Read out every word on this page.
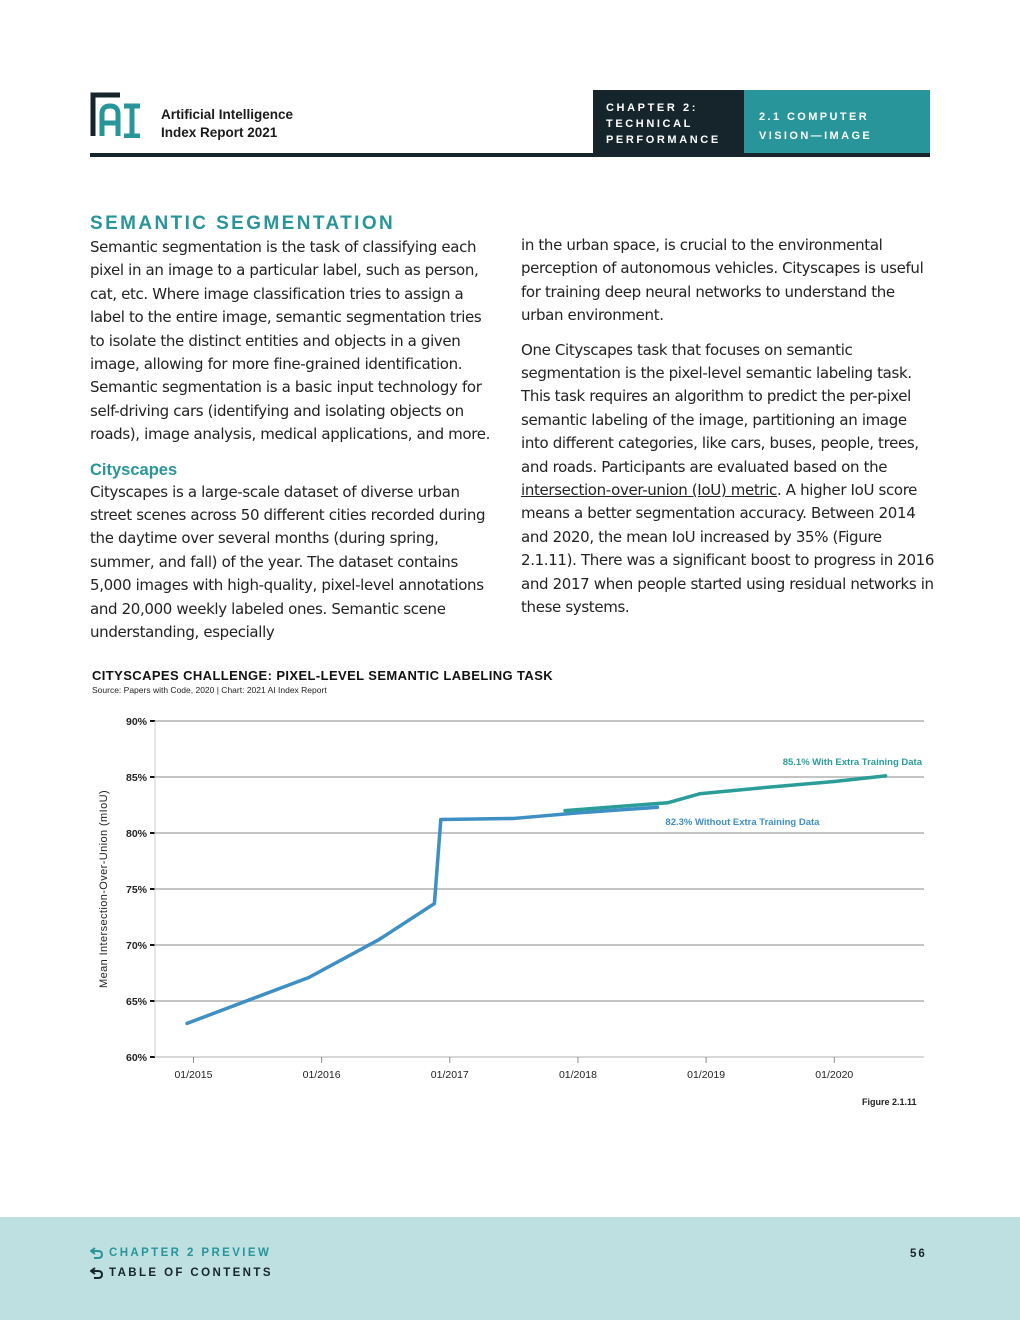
Artificial Intelligence
Index Report 2021
CHAPTER 2:
TECHNICAL
PERFORMANCE
2.1 COMPUTER
VISION—IMAGE
SEMANTIC SEGMENTATION

Semantic segmentation is the task of classifying each pixel in an image to a particular label, such as person, cat, etc. Where image classification tries to assign a label to the entire image, semantic segmentation tries to isolate the distinct entities and objects in a given image, allowing for more fine-grained identification. Semantic segmentation is a basic input technology for self-driving cars (identifying and isolating objects on roads), image analysis, medical applications, and more.

Cityscapes

Cityscapes is a large-scale dataset of diverse urban street scenes across 50 different cities recorded during the daytime over several months (during spring, summer, and fall) of the year. The dataset contains 5,000 images with high-quality, pixel-level annotations and 20,000 weekly labeled ones. Semantic scene understanding, especially

in the urban space, is crucial to the environmental perception of autonomous vehicles. Cityscapes is useful for training deep neural networks to understand the urban environment.

One Cityscapes task that focuses on semantic segmentation is the pixel-level semantic labeling task. This task requires an algorithm to predict the per-pixel semantic labeling of the image, partitioning an image into different categories, like cars, buses, people, trees, and roads. Participants are evaluated based on the intersection-over-union (IoU) metric. A higher IoU score means a better segmentation accuracy. Between 2014 and 2020, the mean IoU increased by 35% (Figure 2.1.11). There was a significant boost to progress in 2016 and 2017 when people started using residual networks in these systems.

CITYSCAPES CHALLENGE: PIXEL-LEVEL SEMANTIC LABELING TASK
Source: Papers with Code, 2020 | Chart: 2021 AI Index Report
60%
65%
70%
75%
80%
85%
90%
01/2015	01/2016	01/2017	01/2018	01/2019	01/2020
Mean Intersection-Over-Union (mIoU)	82.3% Without Extra Training Data
85.1% With Extra Training Data
Figure 2.1.11
CHAPTER 2 PREVIEW
TABLE OF CONTENTS
56
